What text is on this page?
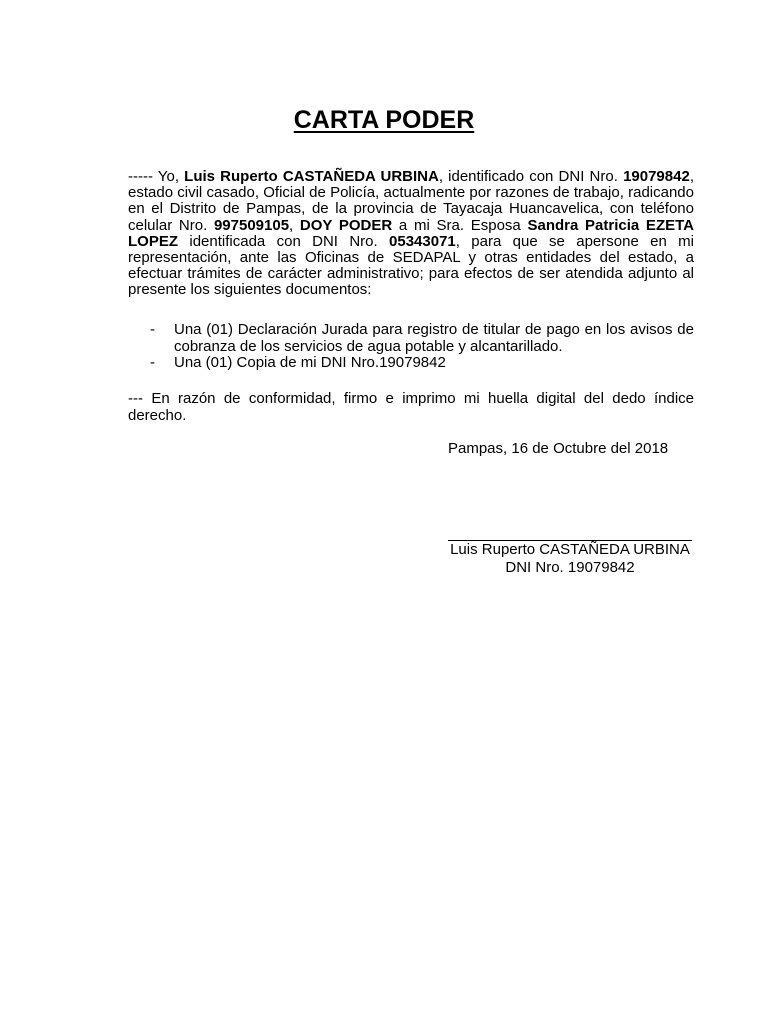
CARTA PODER
----- Yo, Luis Ruperto CASTAÑEDA URBINA, identificado con DNI Nro. 19079842, estado civil casado, Oficial de Policía, actualmente por razones de trabajo, radicando en el Distrito de Pampas, de la provincia de Tayacaja Huancavelica, con teléfono celular Nro. 997509105, DOY PODER a mi Sra. Esposa Sandra Patricia EZETA LOPEZ identificada con DNI Nro. 05343071, para que se apersone en mi representación, ante las Oficinas de SEDAPAL y otras entidades del estado, a efectuar trámites de carácter administrativo; para efectos de ser atendida adjunto al presente los siguientes documentos:
- Una (01) Declaración Jurada para registro de titular de pago en los avisos de cobranza de los servicios de agua potable y alcantarillado.
- Una (01) Copia de mi DNI Nro.19079842
--- En razón de conformidad, firmo e imprimo mi huella digital del dedo índice derecho.
Pampas, 16 de Octubre del 2018
Luis Ruperto CASTAÑEDA URBINA
DNI Nro. 19079842
